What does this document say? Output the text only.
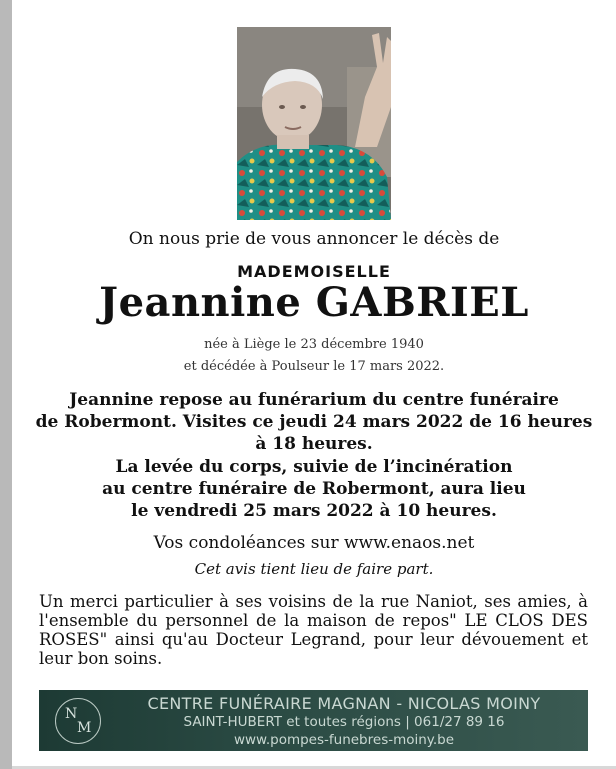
On nous prie de vous annoncer le décès de
MADEMOISELLE
Jeannine GABRIEL
née à Liège le 23 décembre 1940
et décédée à Poulseur le 17 mars 2022.
Jeannine repose au funérarium du centre funéraire
de Robermont. Visites ce jeudi 24 mars 2022 de 16 heures
à 18 heures.
La levée du corps, suivie de l’incinération
au centre funéraire de Robermont, aura lieu
le vendredi 25 mars 2022 à 10 heures.
Vos condoléances sur www.enaos.net
Cet avis tient lieu de faire part.
Un merci particulier à ses voisins de la rue Naniot, ses amies, à l'ensemble du personnel de la maison de repos" LE CLOS DES ROSES" ainsi qu'au Docteur Legrand, pour leur dévouement et leur bon soins.
N
M
CENTRE FUNÉRAIRE MAGNAN - NICOLAS MOINY
SAINT-HUBERT et toutes régions | 061/27 89 16
www.pompes-funebres-moiny.be
